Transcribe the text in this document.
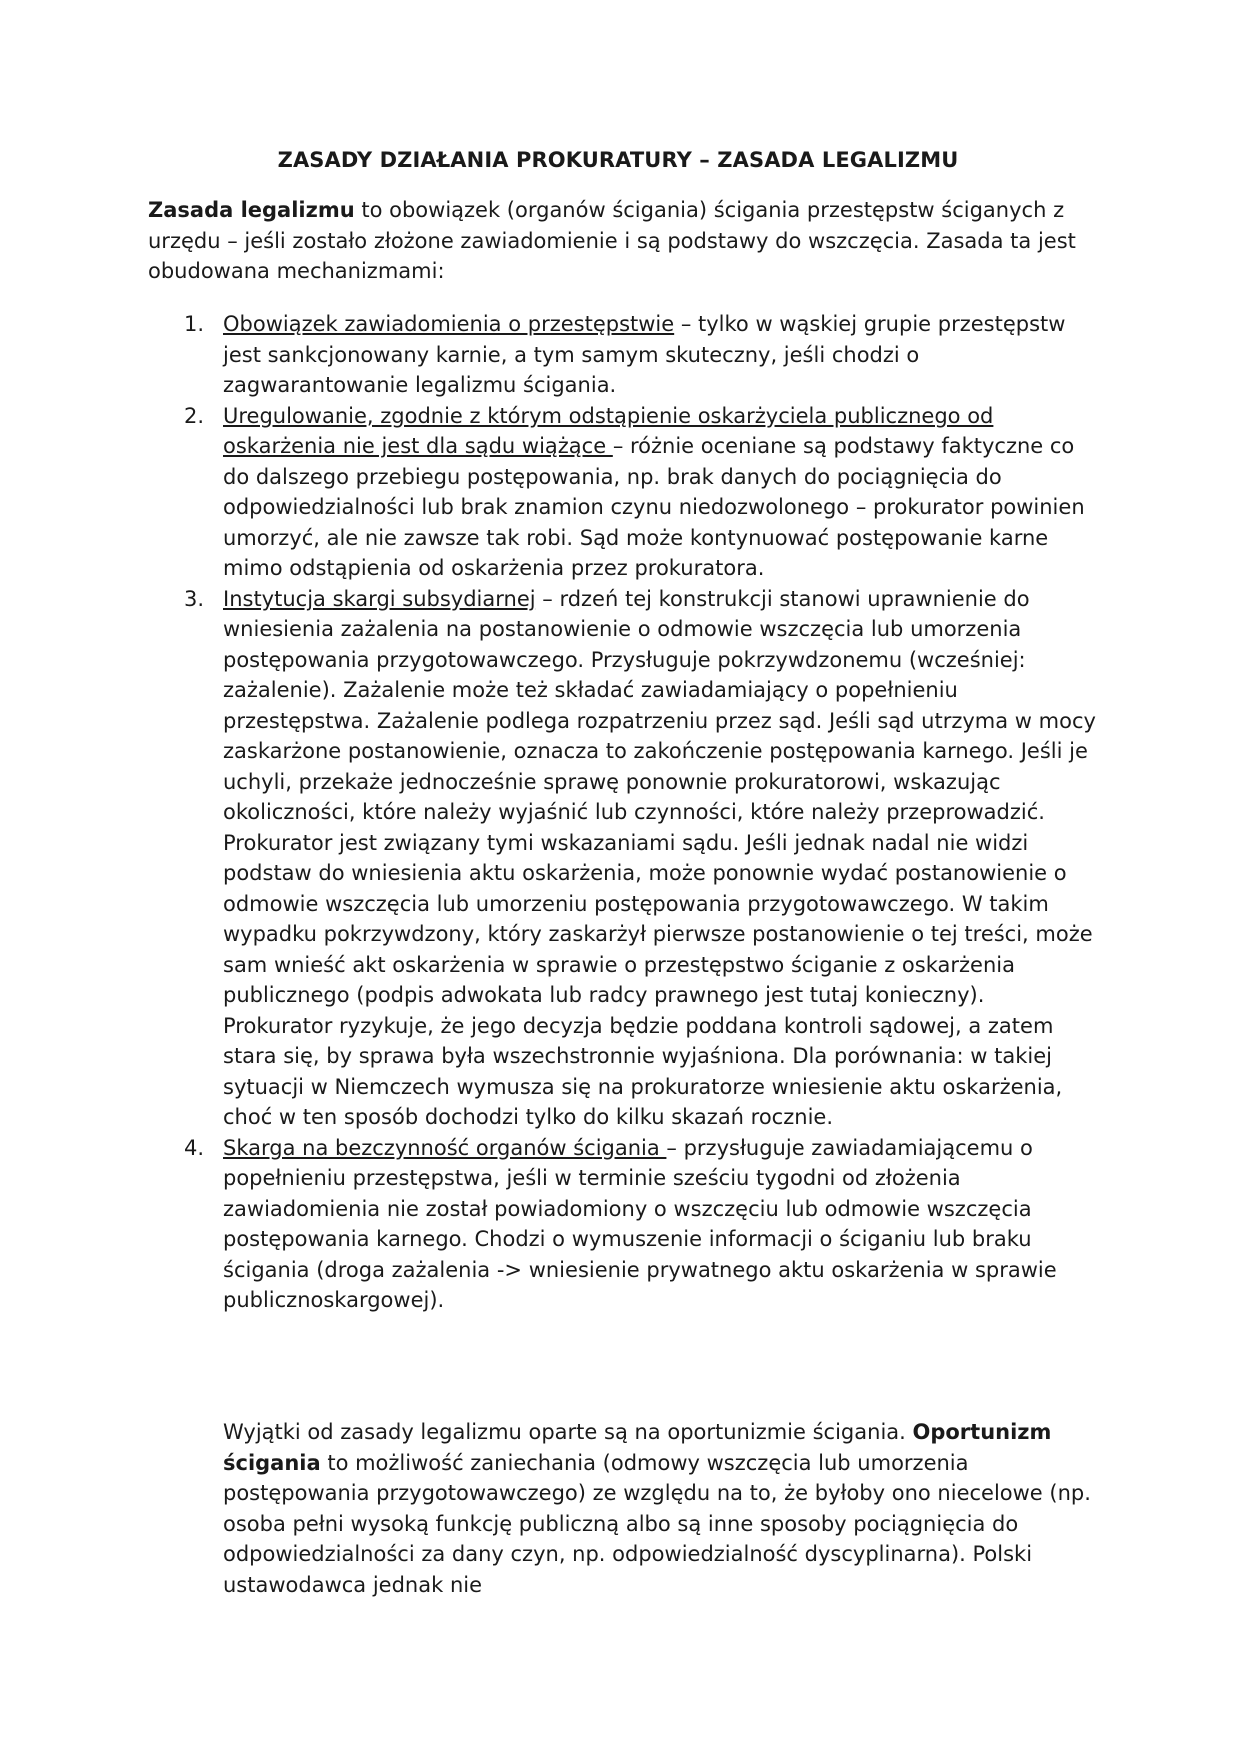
ZASADY DZIAŁANIA PROKURATURY – ZASADA LEGALIZMU

Zasada legalizmu to obowiązek (organów ścigania) ścigania przestępstw ściganych z urzędu – jeśli zostało złożone zawiadomienie i są podstawy do wszczęcia. Zasada ta jest obudowana mechanizmami:

1. Obowiązek zawiadomienia o przestępstwie – tylko w wąskiej grupie przestępstw jest sankcjonowany karnie, a tym samym skuteczny, jeśli chodzi o zagwarantowanie legalizmu ścigania.
2. Uregulowanie, zgodnie z którym odstąpienie oskarżyciela publicznego od oskarżenia nie jest dla sądu wiążące – różnie oceniane są podstawy faktyczne co do dalszego przebiegu postępowania, np. brak danych do pociągnięcia do odpowiedzialności lub brak znamion czynu niedozwolonego – prokurator powinien umorzyć, ale nie zawsze tak robi. Sąd może kontynuować postępowanie karne mimo odstąpienia od oskarżenia przez prokuratora.
3. Instytucja skargi subsydiarnej – rdzeń tej konstrukcji stanowi uprawnienie do wniesienia zażalenia na postanowienie o odmowie wszczęcia lub umorzenia postępowania przygotowawczego. Przysługuje pokrzywdzonemu (wcześniej: zażalenie). Zażalenie może też składać zawiadamiający o popełnieniu przestępstwa. Zażalenie podlega rozpatrzeniu przez sąd. Jeśli sąd utrzyma w mocy zaskarżone postanowienie, oznacza to zakończenie postępowania karnego. Jeśli je uchyli, przekaże jednocześnie sprawę ponownie prokuratorowi, wskazując okoliczności, które należy wyjaśnić lub czynności, które należy przeprowadzić. Prokurator jest związany tymi wskazaniami sądu. Jeśli jednak nadal nie widzi podstaw do wniesienia aktu oskarżenia, może ponownie wydać postanowienie o odmowie wszczęcia lub umorzeniu postępowania przygotowawczego. W takim wypadku pokrzywdzony, który zaskarżył pierwsze postanowienie o tej treści, może sam wnieść akt oskarżenia w sprawie o przestępstwo ściganie z oskarżenia publicznego (podpis adwokata lub radcy prawnego jest tutaj konieczny). Prokurator ryzykuje, że jego decyzja będzie poddana kontroli sądowej, a zatem stara się, by sprawa była wszechstronnie wyjaśniona. Dla porównania: w takiej sytuacji w Niemczech wymusza się na prokuratorze wniesienie aktu oskarżenia, choć w ten sposób dochodzi tylko do kilku skazań rocznie.
4. Skarga na bezczynność organów ścigania – przysługuje zawiadamiającemu o popełnieniu przestępstwa, jeśli w terminie sześciu tygodni od złożenia zawiadomienia nie został powiadomiony o wszczęciu lub odmowie wszczęcia postępowania karnego. Chodzi o wymuszenie informacji o ściganiu lub braku ścigania (droga zażalenia -> wniesienie prywatnego aktu oskarżenia w sprawie publicznoskargowej).

Wyjątki od zasady legalizmu oparte są na oportunizmie ścigania. Oportunizm ścigania to możliwość zaniechania (odmowy wszczęcia lub umorzenia postępowania przygotowawczego) ze względu na to, że byłoby ono niecelowe (np. osoba pełni wysoką funkcję publiczną albo są inne sposoby pociągnięcia do odpowiedzialności za dany czyn, np. odpowiedzialność dyscyplinarna). Polski ustawodawca jednak nie
